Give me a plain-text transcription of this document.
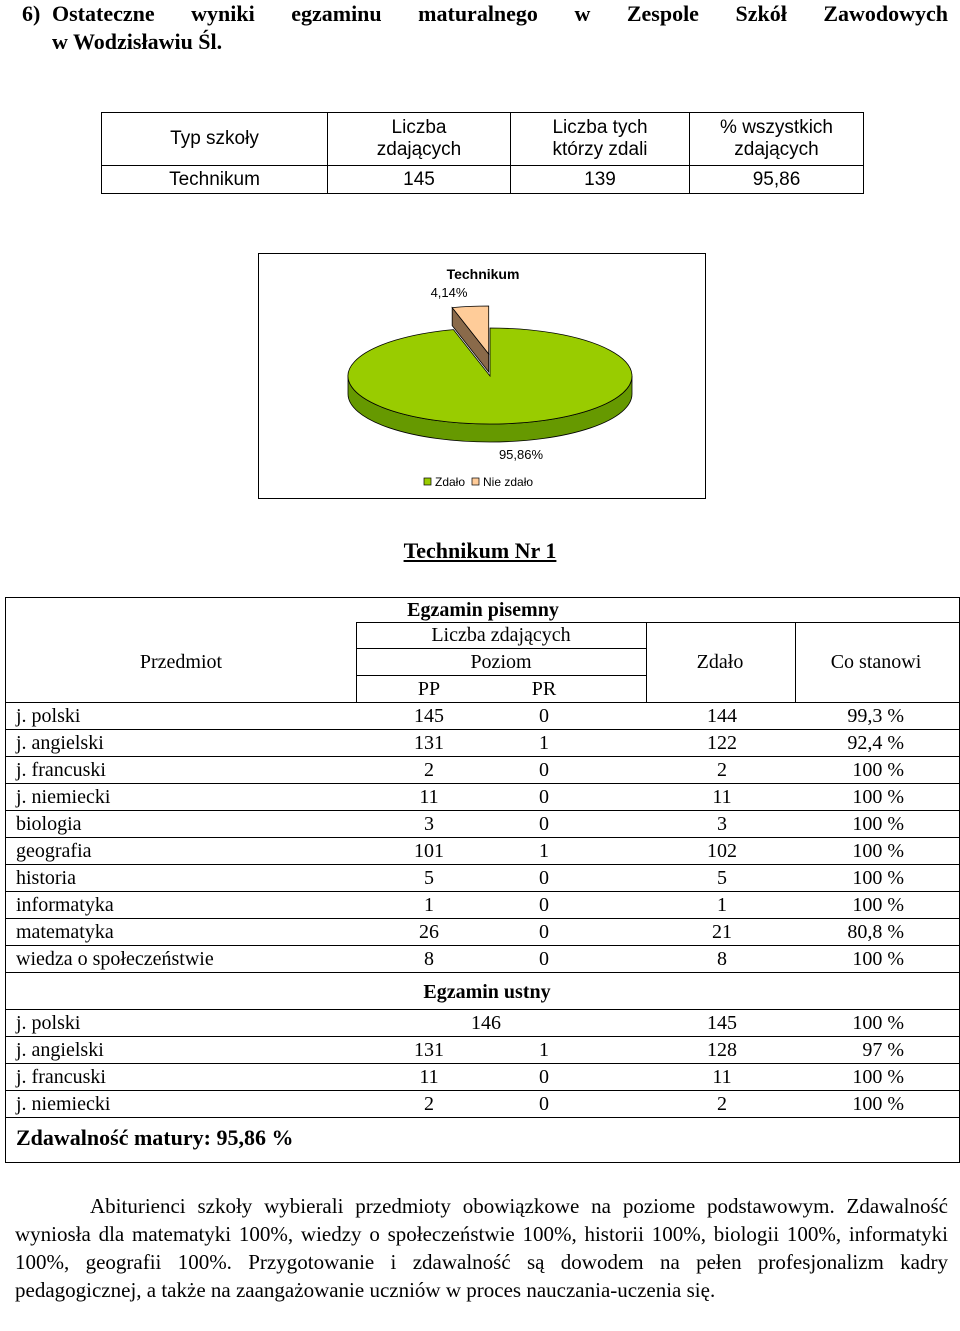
6) Ostateczne wyniki egzaminu maturalnego w Zespole Szkół Zawodowych
w Wodzisławiu Śl.
Typ szkoły	Liczba zdających	Liczba tych którzy zdali	% wszystkich zdających

Technikum	145	139	95,86
Technikum
4,14%
95,86%
Zdało Nie zdało
Technikum Nr 1
Egzamin pisemny
Przedmiot
Liczba zdających
Poziom
PP	PR
Zdało	Co stanowi
j. polski	145	0	144	99,3 %
j. angielski	131	1	122	92,4 %
j. francuski	2	0	2	100 %
j. niemiecki	11	0	11	100 %
biologia	3	0	3	100 %
geografia	101	1	102	100 %
historia	5	0	5	100 %
informatyka	1	0	1	100 %
matematyka	26	0	21	80,8 %
wiedza o społeczeństwie	8	0	8	100 %
Egzamin ustny
j. polski	146	145	100 %
j. angielski	131	1	128	97 %
j. francuski	11	0	11	100 %
j. niemiecki	2	0	2	100 %
Zdawalność matury: 95,86 %
Abiturienci szkoły wybierali przedmioty obowiązkowe na poziome podstawowym. Zdawalność wyniosła dla matematyki 100%, wiedzy o społeczeństwie 100%, historii 100%, biologii 100%, informatyki 100%, geografii 100%. Przygotowanie i zdawalność są dowodem na pełen profesjonalizm kadry pedagogicznej, a także na zaangażowanie uczniów w proces nauczania-uczenia się.
